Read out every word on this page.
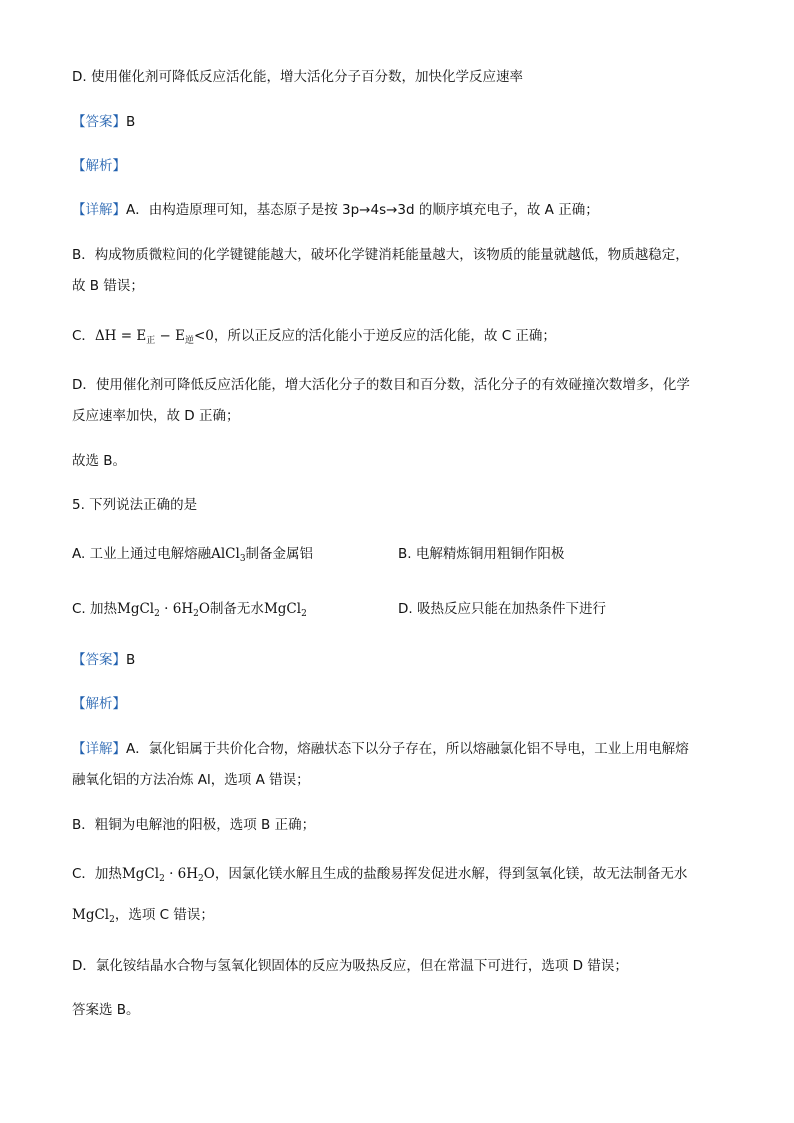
D. 使用催化剂可降低反应活化能，增大活化分子百分数，加快化学反应速率
【答案】B
【解析】
【详解】A．由构造原理可知，基态原子是按 3p→4s→3d 的顺序填充电子，故 A 正确；
B．构成物质微粒间的化学键键能越大，破坏化学键消耗能量越大，该物质的能量就越低，物质越稳定，
故 B 错误；
C．$\Delta H = E_正 - E_逆<0$，所以正反应的活化能小于逆反应的活化能，故 C 正确；
D．使用催化剂可降低反应活化能，增大活化分子的数目和百分数，活化分子的有效碰撞次数增多，化学
反应速率加快，故 D 正确；
故选 B。
5. 下列说法正确的是
A. 工业上通过电解熔融AlCl$_3$制备金属铝	B. 电解精炼铜用粗铜作阳极
C. 加热MgCl$_2$ · $6H_2O$制备无水MgCl$_2$	D. 吸热反应只能在加热条件下进行
【答案】B
【解析】
【详解】A．氯化铝属于共价化合物，熔融状态下以分子存在，所以熔融氯化铝不导电，工业上用电解熔
融氧化铝的方法冶炼 Al，选项 A 错误；
B．粗铜为电解池的阳极，选项 B 正确；
C．加热MgCl$_2$ · $6H_2O$，因氯化镁水解且生成的盐酸易挥发促进水解，得到氢氧化镁，故无法制备无水
MgCl$_2$，选项 C 错误；
D．氯化铵结晶水合物与氢氧化钡固体的反应为吸热反应，但在常温下可进行，选项 D 错误；
答案选 B。
